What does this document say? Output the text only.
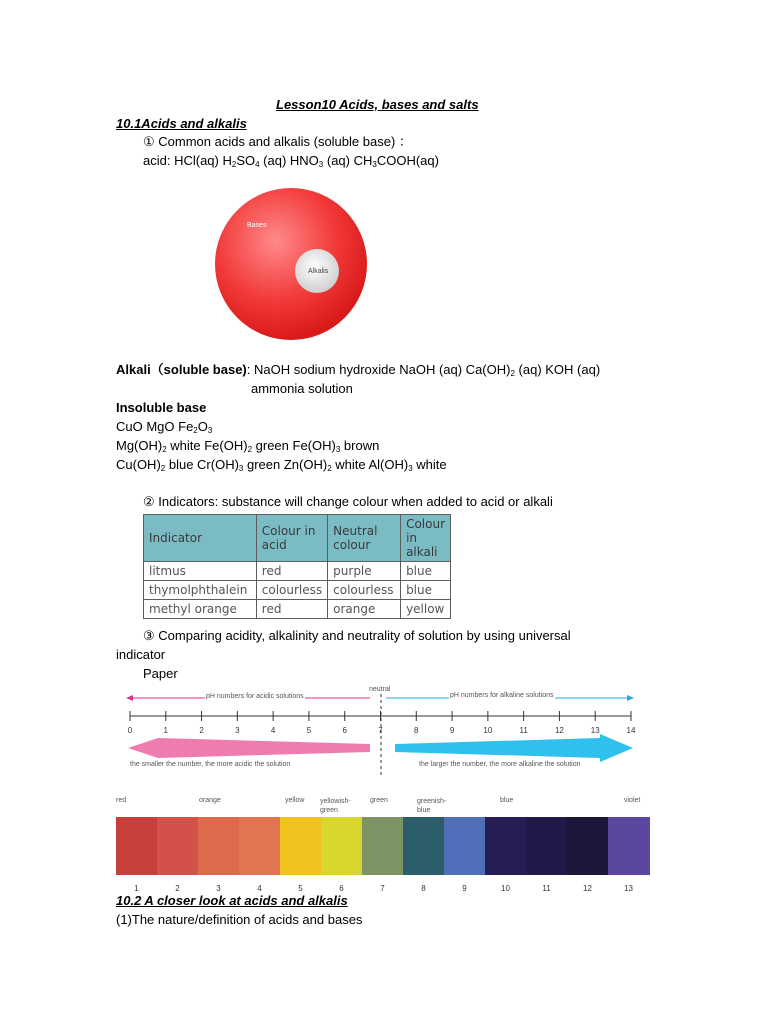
Lesson10 Acids, bases and salts
10.1Acids and alkalis
① Common acids and alkalis (soluble base) ：
acid: HCl(aq) $H_2SO_4$ (aq) $HNO_3$ (aq) $CH_3COOH(aq)$
Bases
Alkalis
Alkali（soluble base): NaOH sodium hydroxide NaOH (aq) $Ca(OH)_2$ (aq) KOH (aq)
ammonia solution
Insoluble base
CuO MgO $Fe_2O_3$
$Mg(OH)_2$ white $Fe(OH)_2$ green $Fe(OH)_3$ brown
$Cu(OH)_2$ blue $Cr(OH)_3$ green $Zn(OH)_2$ white $Al(OH)_3$ white
② Indicators: substance will change colour when added to acid or alkali
Indicator	Colour in acid	Neutral colour	Colour in alkali
litmus	red	purple	blue
thymolphthalein	colourless	colourless	blue
methyl orange	red	orange	yellow
③ Comparing acidity, alkalinity and neutrality of solution by using universal
indicator
Paper
neutral
pH numbers for acidic solutions	pH numbers for alkaline solutions
0	1	2	3	4	5	6	7	8	9	10	11	12	13	14
the smaller the number, the more acidic the solution	the larger the number, the more alkaline the solution
red	orange	yellow yellowish-
green
green	greenish-
blue
blue	violet
1	2	3	4	5	6	7	8	9	10	11	12	13
10.2 A closer look at acids and alkalis
(1)The nature/definition of acids and bases
